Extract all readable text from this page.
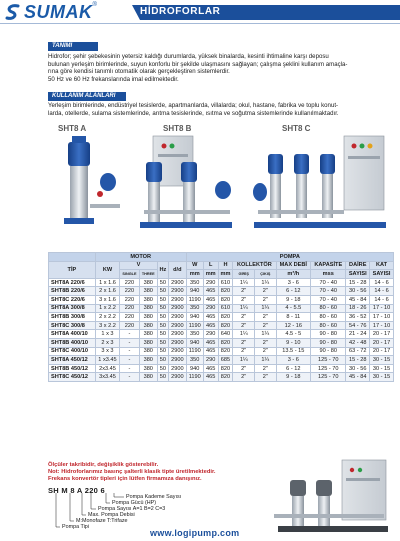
SUMAK ®
HİDROFORLAR
TANIMI
Hidrofor; şehir şebekesinin yetersiz kaldığı durumlarda, yüksek binalarda, kesinti ihtimaline karşı deposu
bulunan yerleşim birimlerinde, suyun konforlu bir şekilde ulaşmasını sağlayan; çalışma şeklini kullanım amaçla-
rına göre kendisi tanımlı otomatik olarak gerçekleştiren sistemlerdir.
50 Hz ve 60 Hz frekanslarında imal edilmektedir.
KULLANIM ALANLARI
Yerleşim birimlerinde, endüstriyel tesislerde, apartmanlarda, villalarda; okul, hastane, fabrika ve toplu konut-
larda, otellerde, sulama sistemlerinde, arıtma tesislerinde, ısıtma ve soğutma sistemlerinde kullanılmaktadır.
SHT8 A	SHT8 B	SHT8 C
	MOTOR					POMPA								
TİP	KW	V		Hz	d/d	W	L	H	KOLLEKTÖR		MAX DEBİ	KAPASİTE	DAİRE	KAT
		SINGLE	THREE			mm	mm	mm	GİRİŞ	ÇIKIŞ	m³/h	mss	SAYISI	SAYISI
SHT8A 220/6	1 x 1.6	220	380	50	2900	350	290	610	1¼	1¼	3 - 6	70 - 40	15 - 28	14 - 6
SHT8B 220/6	2 x 1.6	220	380	50	2900	940	465	820	2"	2"	6 - 12	70 - 40	30 - 56	14 - 6
SHT8C 220/6	3 x 1.6	220	380	50	2900	1190	465	820	2"	2"	9 - 18	70 - 40	45 - 84	14 - 6
SHT8A 300/8	1 x 2.2	220	380	50	2900	350	290	610	1¼	1¼	4 - 5.5	80 - 60	18 - 26	17 - 10
SHT8B 300/8	2 x 2.2	220	380	50	2900	940	465	820	2"	2"	8 - 11	80 - 60	36 - 52	17 - 10
SHT8C 300/8	3 x 2.2	220	380	50	2900	1190	465	820	2"	2"	12 - 16	80 - 60	54 - 76	17 - 10
SHT8A 400/10	1 x 3	-	380	50	2900	350	290	640	1¼	1¼	4.5 - 5	90 - 80	21 - 24	20 - 17
SHT8B 400/10	2 x 3	-	380	50	2900	940	465	820	2"	2"	9 - 10	90 - 80	42 - 48	20 - 17
SHT8C 400/10	3 x 3	-	380	50	2900	1190	465	820	2"	2"	13.5 - 15	90 - 80	63 - 72	20 - 17
SHT8A 450/12	1 x3.45	-	380	50	2900	350	290	685	1¼	1¼	3 - 6	125 - 70	15 - 28	30 - 15
SHT8B 450/12	2x3.45	-	380	50	2900	940	465	820	2"	2"	6 - 12	125 - 70	30 - 56	30 - 15
SHT8C 450/12	3x3.45	-	380	50	2900	1190	465	820	2"	2"	9 - 18	125 - 70	45 - 84	30 - 15
Ölçüler takribidir, değişiklik gösterebilir.
Not: Hidroforlarımız basınç şalterli klasik tipte üretilmektedir.
Frekans konvertör tipleri için lütfen firmamıza danışınız.
SH M 8 A 220 6
Pompa Kademe Sayısı
Pompa Gücü (HP)
Pompa Sayısı A=1 B=2 C=3
Max. Pompa Debisi
M:Monofaze T:Trifaze
Pompa Tipi
www.logipump.com
